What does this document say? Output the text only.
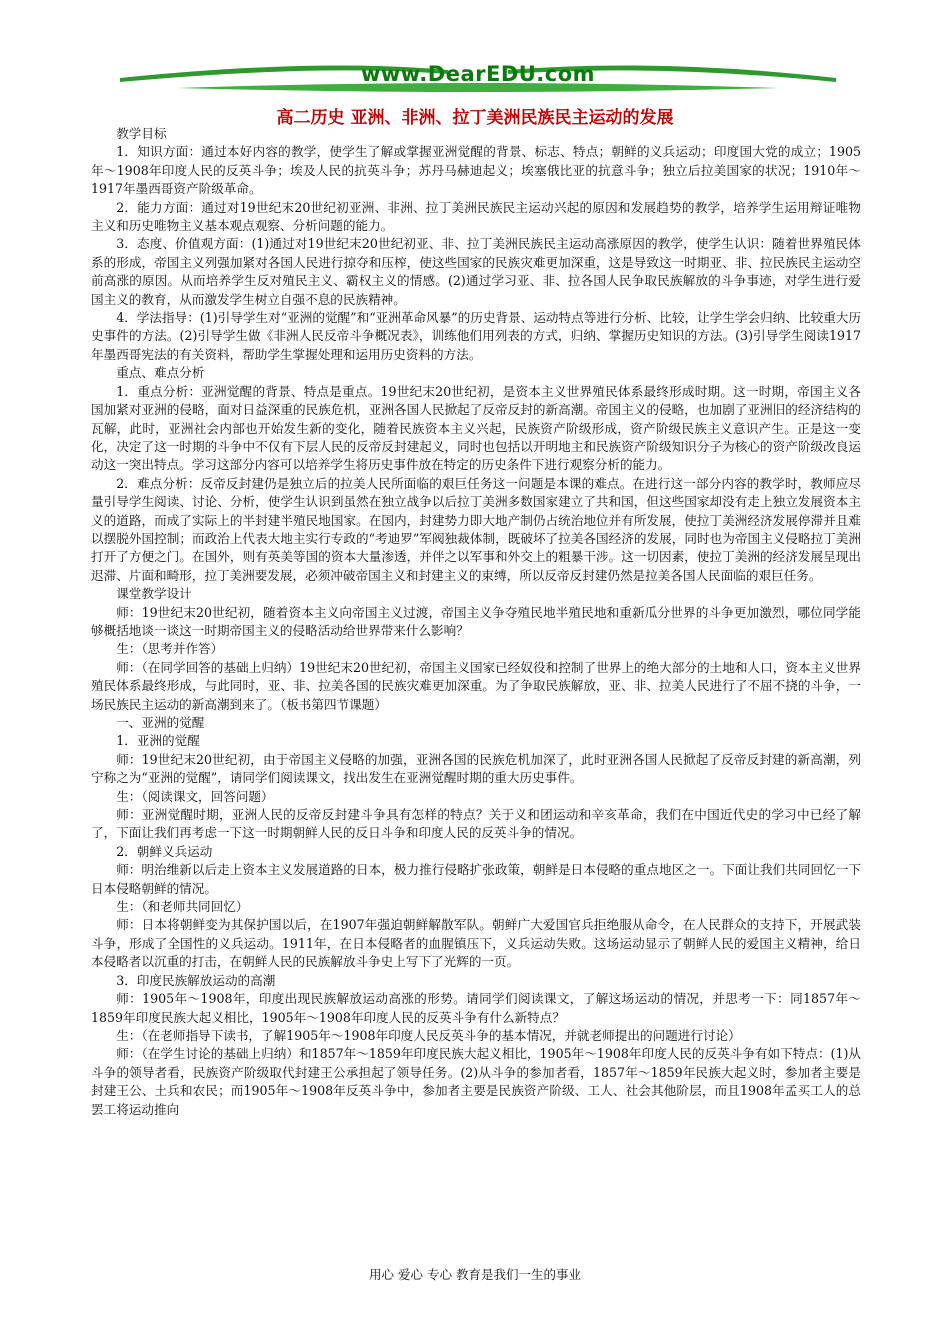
www.DearEDU.com
高二历史 亚洲、非洲、拉丁美洲民族民主运动的发展

教学目标

1．知识方面：通过本好内容的教学，使学生了解或掌握亚洲觉醒的背景、标志、特点；朝鲜的义兵运动；印度国大党的成立；1905年～1908年印度人民的反英斗争；埃及人民的抗英斗争；苏丹马赫迪起义；埃塞俄比亚的抗意斗争；独立后拉美国家的状况；1910年～1917年墨西哥资产阶级革命。

2．能力方面：通过对19世纪末20世纪初亚洲、非洲、拉丁美洲民族民主运动兴起的原因和发展趋势的教学，培养学生运用辩证唯物主义和历史唯物主义基本观点观察、分析问题的能力。

3．态度、价值观方面：(1)通过对19世纪末20世纪初亚、非、拉丁美洲民族民主运动高涨原因的教学，使学生认识：随着世界殖民体系的形成，帝国主义列强加紧对各国人民进行掠夺和压榨，使这些国家的民族灾难更加深重，这是导致这一时期亚、非、拉民族民主运动空前高涨的原因。从而培养学生反对殖民主义、霸权主义的情感。(2)通过学习亚、非、拉各国人民争取民族解放的斗争事迹，对学生进行爱国主义的教育，从而激发学生树立自强不息的民族精神。

4．学法指导：(1)引导学生对“亚洲的觉醒”和“亚洲革命风暴”的历史背景、运动特点等进行分析、比较，让学生学会归纳、比较重大历史事件的方法。(2)引导学生做《非洲人民反帝斗争概况表》，训练他们用列表的方式，归纳、掌握历史知识的方法。(3)引导学生阅读1917年墨西哥宪法的有关资料，帮助学生掌握处理和运用历史资料的方法。

重点、难点分析

1．重点分析：亚洲觉醒的背景、特点是重点。19世纪末20世纪初，是资本主义世界殖民体系最终形成时期。这一时期，帝国主义各国加紧对亚洲的侵略，面对日益深重的民族危机，亚洲各国人民掀起了反帝反封的新高潮。帝国主义的侵略，也加剧了亚洲旧的经济结构的瓦解，此时，亚洲社会内部也开始发生新的变化，随着民族资本主义兴起，民族资产阶级形成，资产阶级民族主义意识产生。正是这一变化，决定了这一时期的斗争中不仅有下层人民的反帝反封建起义，同时也包括以开明地主和民族资产阶级知识分子为核心的资产阶级改良运动这一突出特点。学习这部分内容可以培养学生将历史事件放在特定的历史条件下进行观察分析的能力。

2．难点分析：反帝反封建仍是独立后的拉美人民所面临的艰巨任务这一问题是本课的难点。在进行这一部分内容的教学时，教师应尽量引导学生阅读、讨论、分析，使学生认识到虽然在独立战争以后拉丁美洲多数国家建立了共和国，但这些国家却没有走上独立发展资本主义的道路，而成了实际上的半封建半殖民地国家。在国内，封建势力即大地产制仍占统治地位并有所发展，使拉丁美洲经济发展停滞并且难以摆脱外国控制；而政治上代表大地主实行专政的“考迪罗”军阀独裁体制，既破坏了拉美各国经济的发展，同时也为帝国主义侵略拉丁美洲打开了方便之门。在国外，则有英美等国的资本大量渗透，并伴之以军事和外交上的粗暴干涉。这一切因素，使拉丁美洲的经济发展呈现出迟滞、片面和畸形，拉丁美洲要发展，必须冲破帝国主义和封建主义的束缚，所以反帝反封建仍然是拉美各国人民面临的艰巨任务。

课堂教学设计

师：19世纪末20世纪初，随着资本主义向帝国主义过渡，帝国主义争夺殖民地半殖民地和重新瓜分世界的斗争更加激烈，哪位同学能够概括地谈一谈这一时期帝国主义的侵略活动给世界带来什么影响？

生：（思考并作答）

师：（在同学回答的基础上归纳）19世纪末20世纪初，帝国主义国家已经奴役和控制了世界上的绝大部分的土地和人口，资本主义世界殖民体系最终形成，与此同时，亚、非、拉美各国的民族灾难更加深重。为了争取民族解放，亚、非、拉美人民进行了不屈不挠的斗争，一场民族民主运动的新高潮到来了。（板书第四节课题）

一、亚洲的觉醒

1．亚洲的觉醒

师：19世纪末20世纪初，由于帝国主义侵略的加强，亚洲各国的民族危机加深了，此时亚洲各国人民掀起了反帝反封建的新高潮，列宁称之为“亚洲的觉醒”，请同学们阅读课文，找出发生在亚洲觉醒时期的重大历史事件。

生：（阅读课文，回答问题）

师：亚洲觉醒时期，亚洲人民的反帝反封建斗争具有怎样的特点？关于义和团运动和辛亥革命，我们在中国近代史的学习中已经了解了，下面让我们再考虑一下这一时期朝鲜人民的反日斗争和印度人民的反英斗争的情况。

2．朝鲜义兵运动

师：明治维新以后走上资本主义发展道路的日本，极力推行侵略扩张政策，朝鲜是日本侵略的重点地区之一。下面让我们共同回忆一下日本侵略朝鲜的情况。

生：（和老师共同回忆）

师：日本将朝鲜变为其保护国以后，在1907年强迫朝鲜解散军队。朝鲜广大爱国官兵拒绝服从命令，在人民群众的支持下，开展武装斗争，形成了全国性的义兵运动。1911年，在日本侵略者的血腥镇压下，义兵运动失败。这场运动显示了朝鲜人民的爱国主义精神，给日本侵略者以沉重的打击，在朝鲜人民的民族解放斗争史上写下了光辉的一页。

3．印度民族解放运动的高潮

师：1905年～1908年，印度出现民族解放运动高涨的形势。请同学们阅读课文，了解这场运动的情况，并思考一下：同1857年～1859年印度民族大起义相比，1905年～1908年印度人民的反英斗争有什么新特点？

生：（在老师指导下读书，了解1905年～1908年印度人民反英斗争的基本情况，并就老师提出的问题进行讨论）

师：（在学生讨论的基础上归纳）和1857年～1859年印度民族大起义相比，1905年～1908年印度人民的反英斗争有如下特点：(1)从斗争的领导者看，民族资产阶级取代封建王公承担起了领导任务。(2)从斗争的参加者看，1857年～1859年民族大起义时，参加者主要是封建王公、土兵和农民；而1905年～1908年反英斗争中，参加者主要是民族资产阶级、工人、社会其他阶层，而且1908年孟买工人的总罢工将运动推向

用心 爱心 专心 教育是我们一生的事业
